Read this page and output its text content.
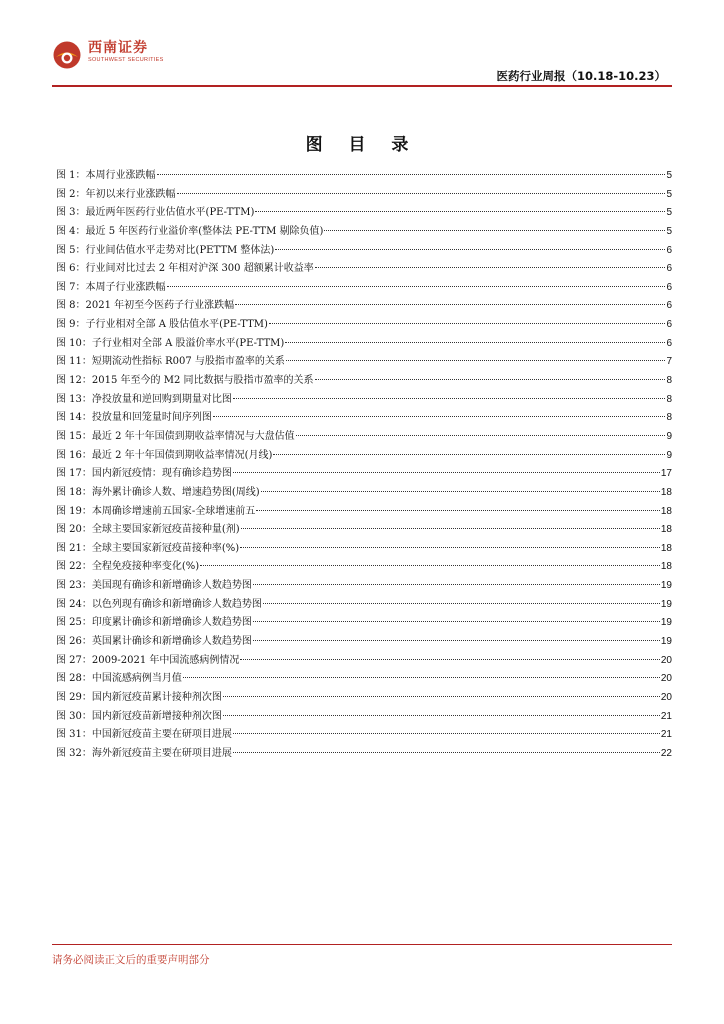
西南证券
SOUTHWEST SECURITIES
医药行业周报（10.18-10.23）
图 目 录
图 1：本周行业涨跌幅	5
图 2：年初以来行业涨跌幅	5
图 3：最近两年医药行业估值水平(PE-TTM)	5
图 4：最近 5 年医药行业溢价率(整体法 PE-TTM 剔除负值)	5
图 5：行业间估值水平走势对比(PETTM 整体法)	6
图 6：行业间对比过去 2 年相对沪深 300 超额累计收益率	6
图 7：本周子行业涨跌幅	6
图 8：2021 年初至今医药子行业涨跌幅	6
图 9：子行业相对全部 A 股估值水平(PE-TTM)	6
图 10：子行业相对全部 A 股溢价率水平(PE-TTM)	6
图 11：短期流动性指标 R007 与股指市盈率的关系	7
图 12：2015 年至今的 M2 同比数据与股指市盈率的关系	8
图 13：净投放量和逆回购到期量对比图	8
图 14：投放量和回笼量时间序列图	8
图 15：最近 2 年十年国债到期收益率情况与大盘估值	9
图 16：最近 2 年十年国债到期收益率情况(月线)	9
图 17：国内新冠疫情：现有确诊趋势图	17
图 18：海外累计确诊人数、增速趋势图(周线)	18
图 19：本周确诊增速前五国家-全球增速前五	18
图 20：全球主要国家新冠疫苗接种量(剂)	18
图 21：全球主要国家新冠疫苗接种率(%)	18
图 22：全程免疫接种率变化(%)	18
图 23：美国现有确诊和新增确诊人数趋势图	19
图 24：以色列现有确诊和新增确诊人数趋势图	19
图 25：印度累计确诊和新增确诊人数趋势图	19
图 26：英国累计确诊和新增确诊人数趋势图	19
图 27：2009-2021 年中国流感病例情况	20
图 28：中国流感病例当月值	20
图 29：国内新冠疫苗累计接种剂次图	20
图 30：国内新冠疫苗新增接种剂次图	21
图 31：中国新冠疫苗主要在研项目进展	21
图 32：海外新冠疫苗主要在研项目进展	22
请务必阅读正文后的重要声明部分
